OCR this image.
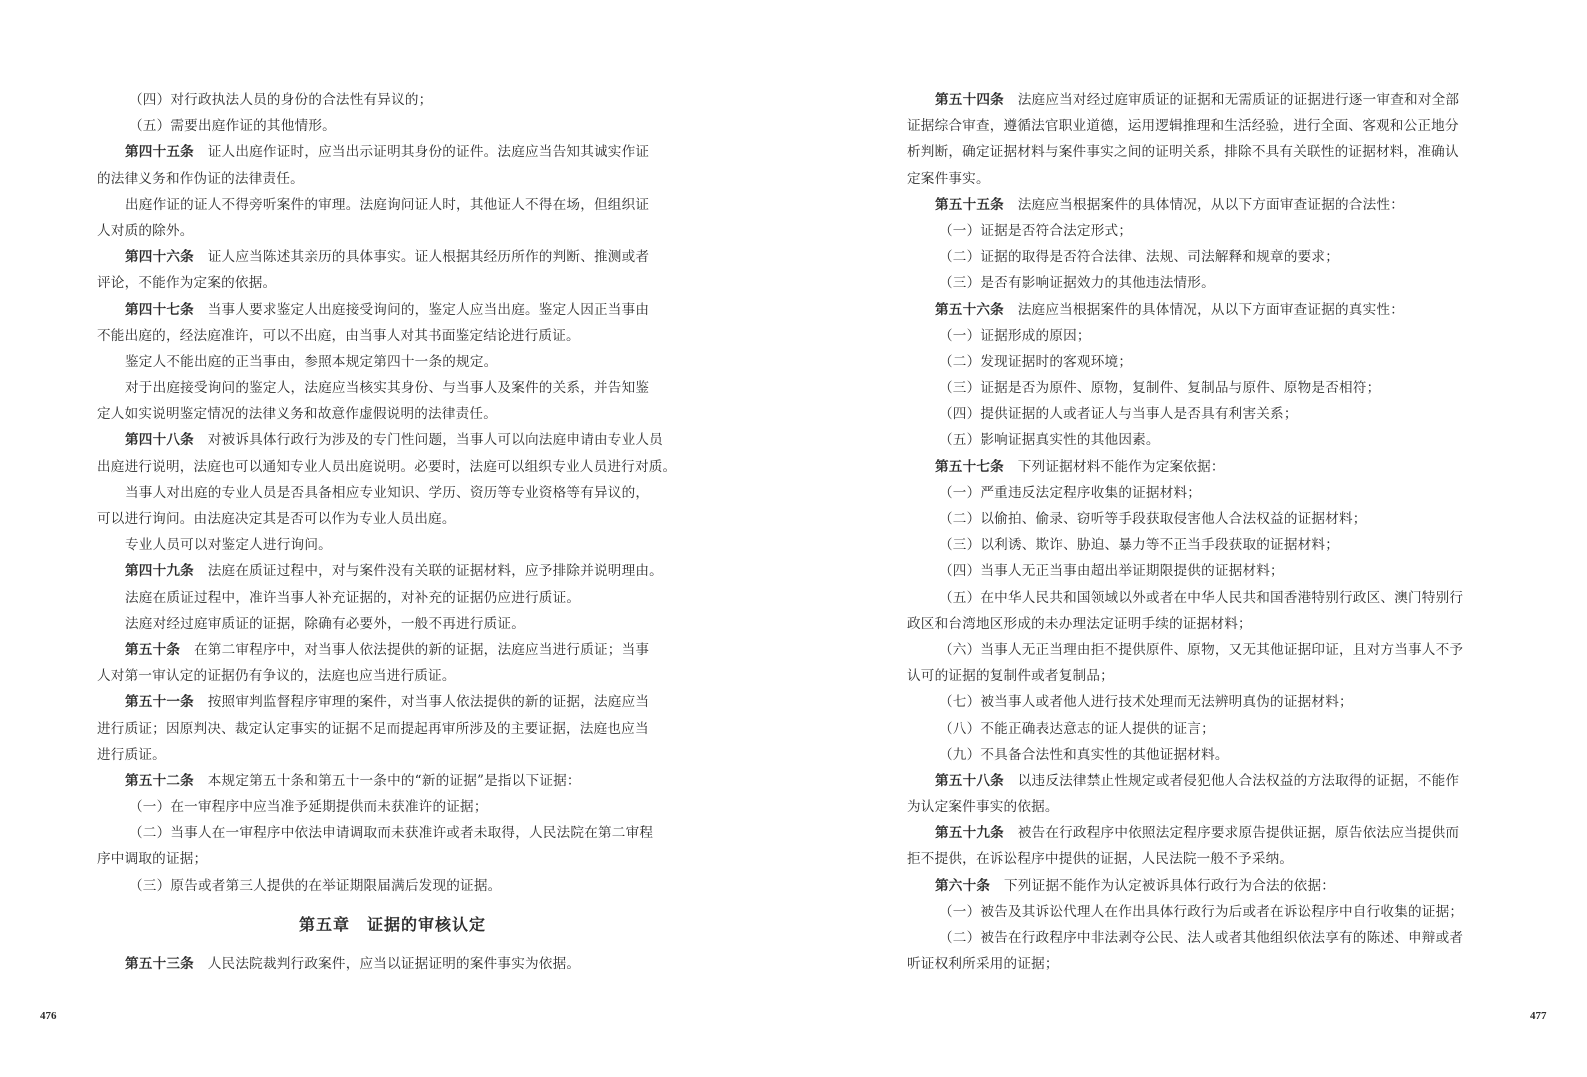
（四）对行政执法人员的身份的合法性有异议的；
（五）需要出庭作证的其他情形。
第四十五条　证人出庭作证时，应当出示证明其身份的证件。法庭应当告知其诚实作证
的法律义务和作伪证的法律责任。
出庭作证的证人不得旁听案件的审理。法庭询问证人时，其他证人不得在场，但组织证
人对质的除外。
第四十六条　证人应当陈述其亲历的具体事实。证人根据其经历所作的判断、推测或者
评论，不能作为定案的依据。
第四十七条　当事人要求鉴定人出庭接受询问的，鉴定人应当出庭。鉴定人因正当事由
不能出庭的，经法庭准许，可以不出庭，由当事人对其书面鉴定结论进行质证。
鉴定人不能出庭的正当事由，参照本规定第四十一条的规定。
对于出庭接受询问的鉴定人，法庭应当核实其身份、与当事人及案件的关系，并告知鉴
定人如实说明鉴定情况的法律义务和故意作虚假说明的法律责任。
第四十八条　对被诉具体行政行为涉及的专门性问题，当事人可以向法庭申请由专业人员
出庭进行说明，法庭也可以通知专业人员出庭说明。必要时，法庭可以组织专业人员进行对质。
当事人对出庭的专业人员是否具备相应专业知识、学历、资历等专业资格等有异议的，
可以进行询问。由法庭决定其是否可以作为专业人员出庭。
专业人员可以对鉴定人进行询问。
第四十九条　法庭在质证过程中，对与案件没有关联的证据材料，应予排除并说明理由。
法庭在质证过程中，准许当事人补充证据的，对补充的证据仍应进行质证。
法庭对经过庭审质证的证据，除确有必要外，一般不再进行质证。
第五十条　在第二审程序中，对当事人依法提供的新的证据，法庭应当进行质证；当事
人对第一审认定的证据仍有争议的，法庭也应当进行质证。
第五十一条　按照审判监督程序审理的案件，对当事人依法提供的新的证据，法庭应当
进行质证；因原判决、裁定认定事实的证据不足而提起再审所涉及的主要证据，法庭也应当
进行质证。
第五十二条　本规定第五十条和第五十一条中的“新的证据”是指以下证据：
（一）在一审程序中应当准予延期提供而未获准许的证据；
（二）当事人在一审程序中依法申请调取而未获准许或者未取得，人民法院在第二审程
序中调取的证据；
（三）原告或者第三人提供的在举证期限届满后发现的证据。
第五章　证据的审核认定
第五十三条　人民法院裁判行政案件，应当以证据证明的案件事实为依据。
第五十四条　法庭应当对经过庭审质证的证据和无需质证的证据进行逐一审查和对全部
证据综合审查，遵循法官职业道德，运用逻辑推理和生活经验，进行全面、客观和公正地分
析判断，确定证据材料与案件事实之间的证明关系，排除不具有关联性的证据材料，准确认
定案件事实。
第五十五条　法庭应当根据案件的具体情况，从以下方面审查证据的合法性：
（一）证据是否符合法定形式；
（二）证据的取得是否符合法律、法规、司法解释和规章的要求；
（三）是否有影响证据效力的其他违法情形。
第五十六条　法庭应当根据案件的具体情况，从以下方面审查证据的真实性：
（一）证据形成的原因；
（二）发现证据时的客观环境；
（三）证据是否为原件、原物，复制件、复制品与原件、原物是否相符；
（四）提供证据的人或者证人与当事人是否具有利害关系；
（五）影响证据真实性的其他因素。
第五十七条　下列证据材料不能作为定案依据：
（一）严重违反法定程序收集的证据材料；
（二）以偷拍、偷录、窃听等手段获取侵害他人合法权益的证据材料；
（三）以利诱、欺诈、胁迫、暴力等不正当手段获取的证据材料；
（四）当事人无正当事由超出举证期限提供的证据材料；
（五）在中华人民共和国领域以外或者在中华人民共和国香港特别行政区、澳门特别行
政区和台湾地区形成的未办理法定证明手续的证据材料；
（六）当事人无正当理由拒不提供原件、原物，又无其他证据印证，且对方当事人不予
认可的证据的复制件或者复制品；
（七）被当事人或者他人进行技术处理而无法辨明真伪的证据材料；
（八）不能正确表达意志的证人提供的证言；
（九）不具备合法性和真实性的其他证据材料。
第五十八条　以违反法律禁止性规定或者侵犯他人合法权益的方法取得的证据，不能作
为认定案件事实的依据。
第五十九条　被告在行政程序中依照法定程序要求原告提供证据，原告依法应当提供而
拒不提供，在诉讼程序中提供的证据，人民法院一般不予采纳。
第六十条　下列证据不能作为认定被诉具体行政行为合法的依据：
（一）被告及其诉讼代理人在作出具体行政行为后或者在诉讼程序中自行收集的证据；
（二）被告在行政程序中非法剥夺公民、法人或者其他组织依法享有的陈述、申辩或者
听证权利所采用的证据；
476	477
